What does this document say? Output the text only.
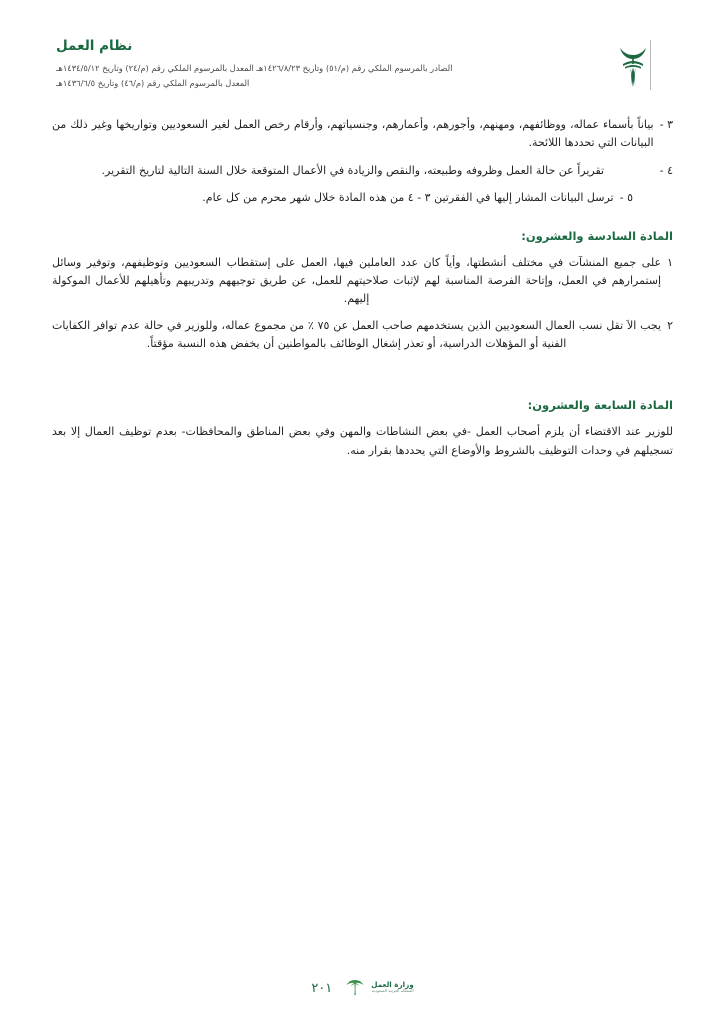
نظام العمل
الصادر بالمرسوم الملكي رقم (م/٥١) وتاريخ ١٤٢٦/٨/٢٣هـ المعدل بالمرسوم الملكي رقم (م/٢٤) وتاريخ ١٤٣٤/٥/١٢هـ
المعدل بالمرسوم الملكي رقم (م/٤٦) وتاريخ ١٤٣٦/٦/٥هـ
٣ -
بياناً بأسماء عماله، ووظائفهم، ومهنهم، وأجورهم، وأعمارهم، وجنسياتهم، وأرقام رخص العمل لغير السعوديين وتواريخها وغير ذلك من البيانات التي تحددها اللائحة.
٤ -
تقريراً عن حالة العمل وظروفه وطبيعته، والنقص والزيادة في الأعمال المتوقعة خلال السنة التالية لتاريخ التقرير.
٥ -
ترسل البيانات المشار إليها في الفقرتين ٣ - ٤ من هذه المادة خلال شهر محرم من كل عام.
المادة السادسة والعشرون:
١
على جميع المنشآت في مختلف أنشطتها، وأياً كان عدد العاملين فيها، العمل على إستقطاب السعوديين وتوظيفهم، وتوفير وسائل إستمرارهم في العمل، وإتاحة الفرصة المناسبة لهم لإثبات صلاحيتهم للعمل، عن طريق توجيههم وتدريبهم وتأهيلهم للأعمال الموكولة إليهم.
٢
يجب الاَ تقل نسب العمال السعوديين الذين يستخدمهم صاحب العمل عن ٧٥ ٪ من مجموع عماله، وللوزير في حالة عدم توافر الكفايات الفنية أو المؤهلات الدراسية، أو تعذر إشغال الوظائف بالمواطنين أن يخفض هذه النسبة مؤقتاً.
المادة السابعة والعشرون:
للوزير عند الاقتضاء أن يلزم أصحاب العمل -في بعض النشاطات والمهن وفي بعض المناطق والمحافظات- بعدم توظيف العمال إلا بعد تسجيلهم في وحدات التوظيف بالشروط والأوضاع التي يحددها بقرار منه.
وزارة العمل
المملكة العربية السعودية
٢٠١
